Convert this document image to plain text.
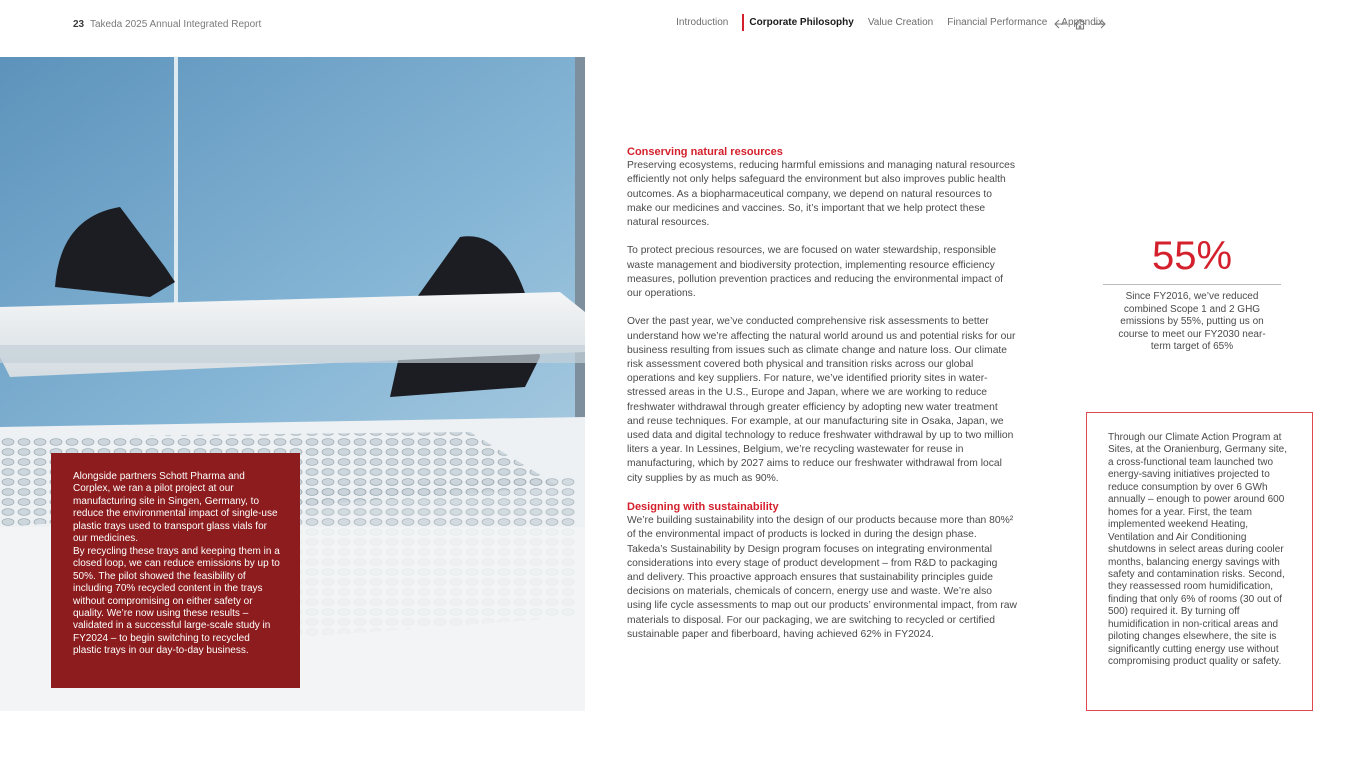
23 Takeda 2025 Annual Integrated Report	Introduction	Corporate Philosophy Value Creation Financial Performance Appendix
Alongside partners Schott Pharma and Corplex, we ran a pilot project at our manufacturing site in Singen, Germany, to reduce the environmental impact of single-use plastic trays used to transport glass vials for our medicines.
By recycling these trays and keeping them in a closed loop, we can reduce emissions by up to 50%. The pilot showed the feasibility of including 70% recycled content in the trays without compromising on either safety or quality. We’re now using these results – validated in a successful large-scale study in FY2024 – to begin switching to recycled plastic trays in our day-to-day business.
Conserving natural resources

Preserving ecosystems, reducing harmful emissions and managing natural resources efficiently not only helps safeguard the environment but also improves public health outcomes. As a biopharmaceutical company, we depend on natural resources to make our medicines and vaccines. So, it’s important that we help protect these natural resources.

To protect precious resources, we are focused on water stewardship, responsible waste management and biodiversity protection, implementing resource efficiency measures, pollution prevention practices and reducing the environmental impact of our operations.

Over the past year, we’ve conducted comprehensive risk assessments to better understand how we’re affecting the natural world around us and potential risks for our business resulting from issues such as climate change and nature loss. Our climate risk assessment covered both physical and transition risks across our global operations and key suppliers. For nature, we’ve identified priority sites in water-stressed areas in the U.S., Europe and Japan, where we are working to reduce freshwater withdrawal through greater efficiency by adopting new water treatment and reuse techniques. For example, at our manufacturing site in Osaka, Japan, we used data and digital technology to reduce freshwater withdrawal by up to two million liters a year. In Lessines, Belgium, we’re recycling wastewater for reuse in manufacturing, which by 2027 aims to reduce our freshwater withdrawal from local city supplies by as much as 90%.

Designing with sustainability

We’re building sustainability into the design of our products because more than 80%² of the environmental impact of products is locked in during the design phase. Takeda’s Sustainability by Design program focuses on integrating environmental considerations into every stage of product development – from R&D to packaging and delivery. This proactive approach ensures that sustainability principles guide decisions on materials, chemicals of concern, energy use and waste. We’re also using life cycle assessments to map out our products’ environmental impact, from raw materials to disposal. For our packaging, we are switching to recycled or certified sustainable paper and fiberboard, having achieved 62% in FY2024.

55%
Since FY2016, we’ve reduced combined Scope 1 and 2 GHG emissions by 55%, putting us on course to meet our FY2030 near-term target of 65%
Through our Climate Action Program at Sites, at the Oranienburg, Germany site, a cross-functional team launched two energy-saving initiatives projected to reduce consumption by over 6 GWh annually – enough to power around 600 homes for a year. First, the team implemented weekend Heating, Ventilation and Air Conditioning shutdowns in select areas during cooler months, balancing energy savings with safety and contamination risks. Second, they reassessed room humidification, finding that only 6% of rooms (30 out of 500) required it. By turning off humidification in non-critical areas and piloting changes elsewhere, the site is significantly cutting energy use without compromising product quality or safety.
